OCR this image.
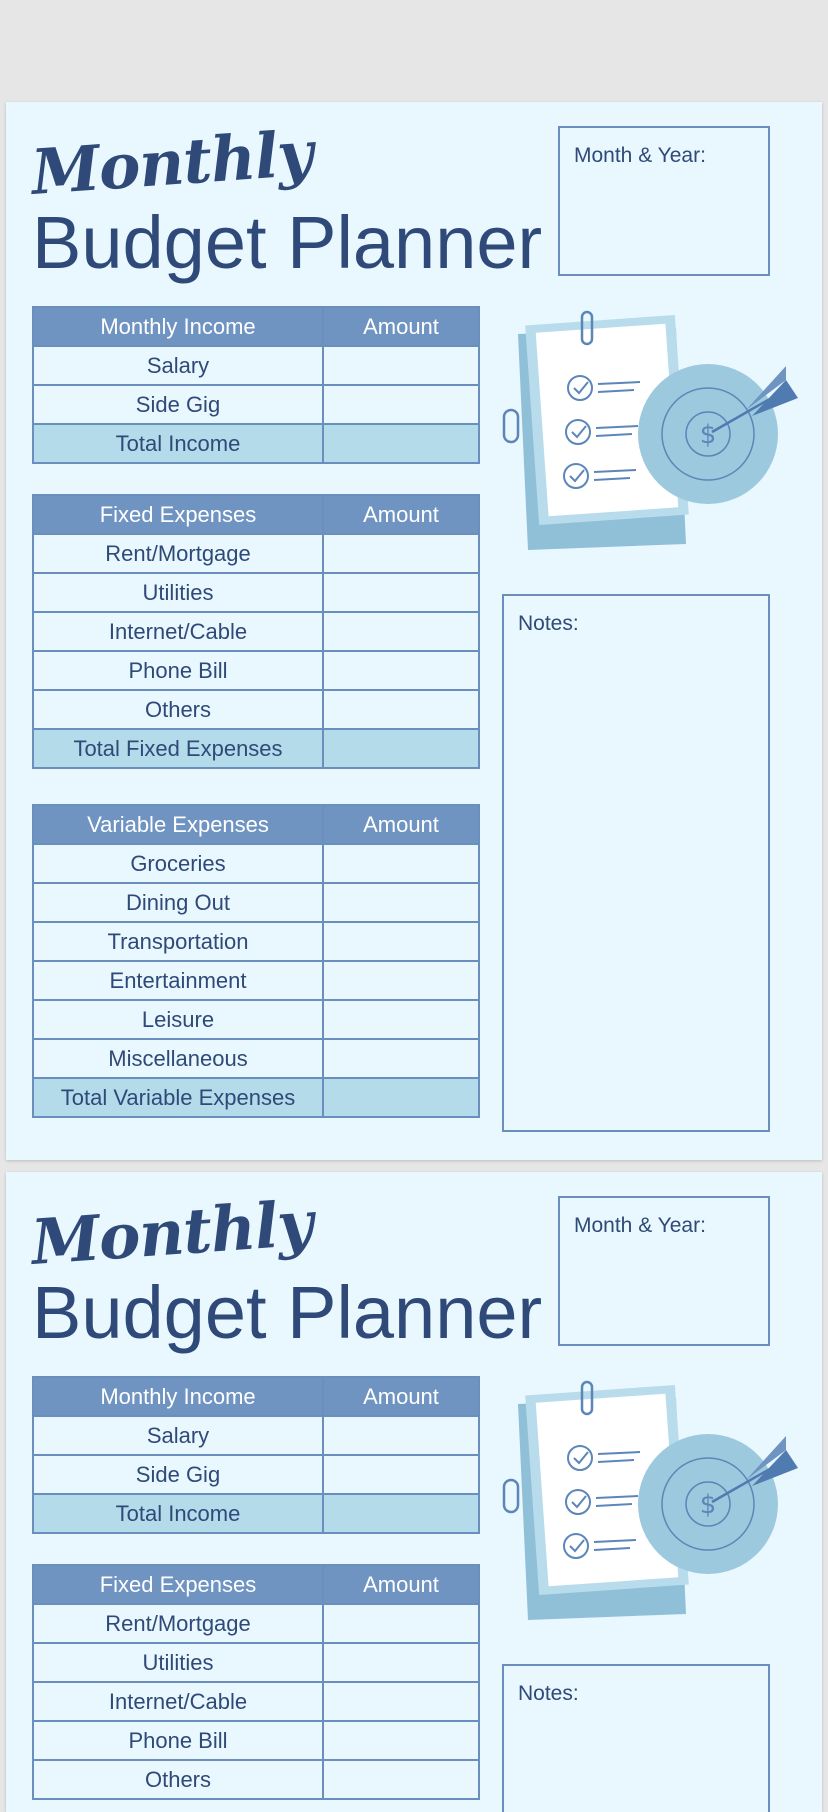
Monthly
Budget Planner
Month & Year:
Monthly Income	Amount
Salary	
Side Gig	
Total Income	
Fixed Expenses	Amount
Rent/Mortgage	
Utilities	
Internet/Cable	
Phone Bill	
Others	
Total Fixed Expenses	
Variable Expenses	Amount
Groceries	
Dining Out	
Transportation	
Entertainment	
Leisure	
Miscellaneous	
Total Variable Expenses	
$
Notes:
Monthly
Budget Planner
Month & Year:
Monthly Income	Amount
Salary	
Side Gig	
Total Income	
Fixed Expenses	Amount
Rent/Mortgage	
Utilities	
Internet/Cable	
Phone Bill	
Others	
$
Notes:
